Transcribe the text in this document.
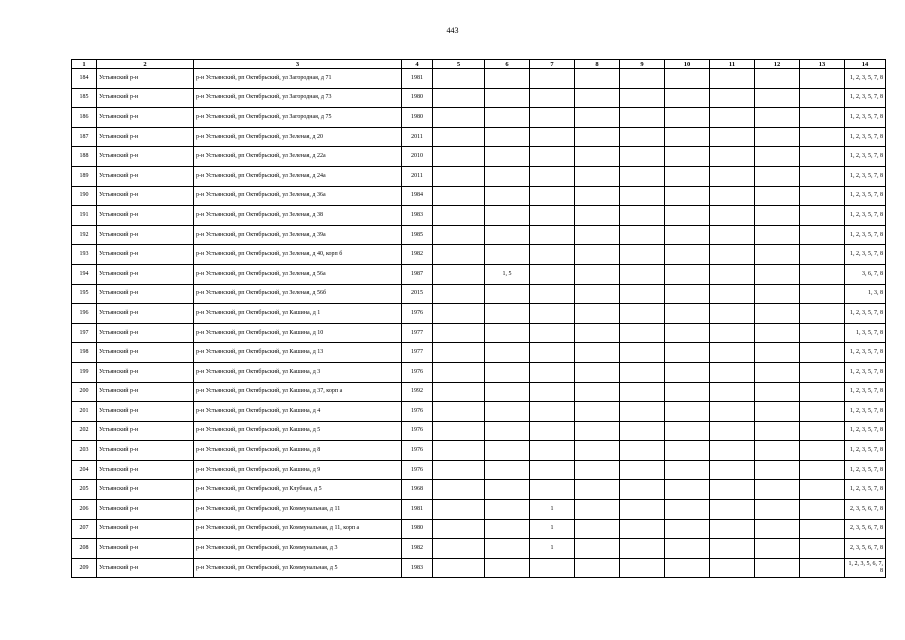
443
1	2	3	4	5	6	7	8	9	10	11	12	13	14
184	Устьянский р-н	р-н Устьянский, рп Октябрьский, ул Загородная, д 71	1981										1, 2, 3, 5, 7, 8
185	Устьянский р-н	р-н Устьянский, рп Октябрьский, ул Загородная, д 73	1980										1, 2, 3, 5, 7, 8
186	Устьянский р-н	р-н Устьянский, рп Октябрьский, ул Загородная, д 75	1980										1, 2, 3, 5, 7, 8
187	Устьянский р-н	р-н Устьянский, рп Октябрьский, ул Зеленая, д 20	2011										1, 2, 3, 5, 7, 8
188	Устьянский р-н	р-н Устьянский, рп Октябрьский, ул Зеленая, д 22а	2010										1, 2, 3, 5, 7, 8
189	Устьянский р-н	р-н Устьянский, рп Октябрьский, ул Зеленая, д 24а	2011										1, 2, 3, 5, 7, 8
190	Устьянский р-н	р-н Устьянский, рп Октябрьский, ул Зеленая, д 36а	1984										1, 2, 3, 5, 7, 8
191	Устьянский р-н	р-н Устьянский, рп Октябрьский, ул Зеленая, д 38	1983										1, 2, 3, 5, 7, 8
192	Устьянский р-н	р-н Устьянский, рп Октябрьский, ул Зеленая, д 39а	1985										1, 2, 3, 5, 7, 8
193	Устьянский р-н	р-н Устьянский, рп Октябрьский, ул Зеленая, д 40, корп б	1982										1, 2, 3, 5, 7, 8
194	Устьянский р-н	р-н Устьянский, рп Октябрьский, ул Зеленая, д 56а	1987		1, 5								3, 6, 7, 8
195	Устьянский р-н	р-н Устьянский, рп Октябрьский, ул Зеленая, д 56б	2015										1, 3, 8
196	Устьянский р-н	р-н Устьянский, рп Октябрьский, ул Кашина, д 1	1976										1, 2, 3, 5, 7, 8
197	Устьянский р-н	р-н Устьянский, рп Октябрьский, ул Кашина, д 10	1977										1, 3, 5, 7, 8
198	Устьянский р-н	р-н Устьянский, рп Октябрьский, ул Кашина, д 13	1977										1, 2, 3, 5, 7, 8
199	Устьянский р-н	р-н Устьянский, рп Октябрьский, ул Кашина, д 3	1976										1, 2, 3, 5, 7, 8
200	Устьянский р-н	р-н Устьянский, рп Октябрьский, ул Кашина, д 37, корп а	1992										1, 2, 3, 5, 7, 8
201	Устьянский р-н	р-н Устьянский, рп Октябрьский, ул Кашина, д 4	1976										1, 2, 3, 5, 7, 8
202	Устьянский р-н	р-н Устьянский, рп Октябрьский, ул Кашина, д 5	1976										1, 2, 3, 5, 7, 8
203	Устьянский р-н	р-н Устьянский, рп Октябрьский, ул Кашина, д 8	1976										1, 2, 3, 5, 7, 8
204	Устьянский р-н	р-н Устьянский, рп Октябрьский, ул Кашина, д 9	1976										1, 2, 3, 5, 7, 8
205	Устьянский р-н	р-н Устьянский, рп Октябрьский, ул Клубная, д 5	1968										1, 2, 3, 5, 7, 8
206	Устьянский р-н	р-н Устьянский, рп Октябрьский, ул Коммунальная, д 11	1981			1							2, 3, 5, 6, 7, 8
207	Устьянский р-н	р-н Устьянский, рп Октябрьский, ул Коммунальная, д 11, корп а	1980			1							2, 3, 5, 6, 7, 8
208	Устьянский р-н	р-н Устьянский, рп Октябрьский, ул Коммунальная, д 3	1982			1							2, 3, 5, 6, 7, 8
209	Устьянский р-н	р-н Устьянский, рп Октябрьский, ул Коммунальная, д 5	1983										1, 2, 3, 5, 6, 7, 8
